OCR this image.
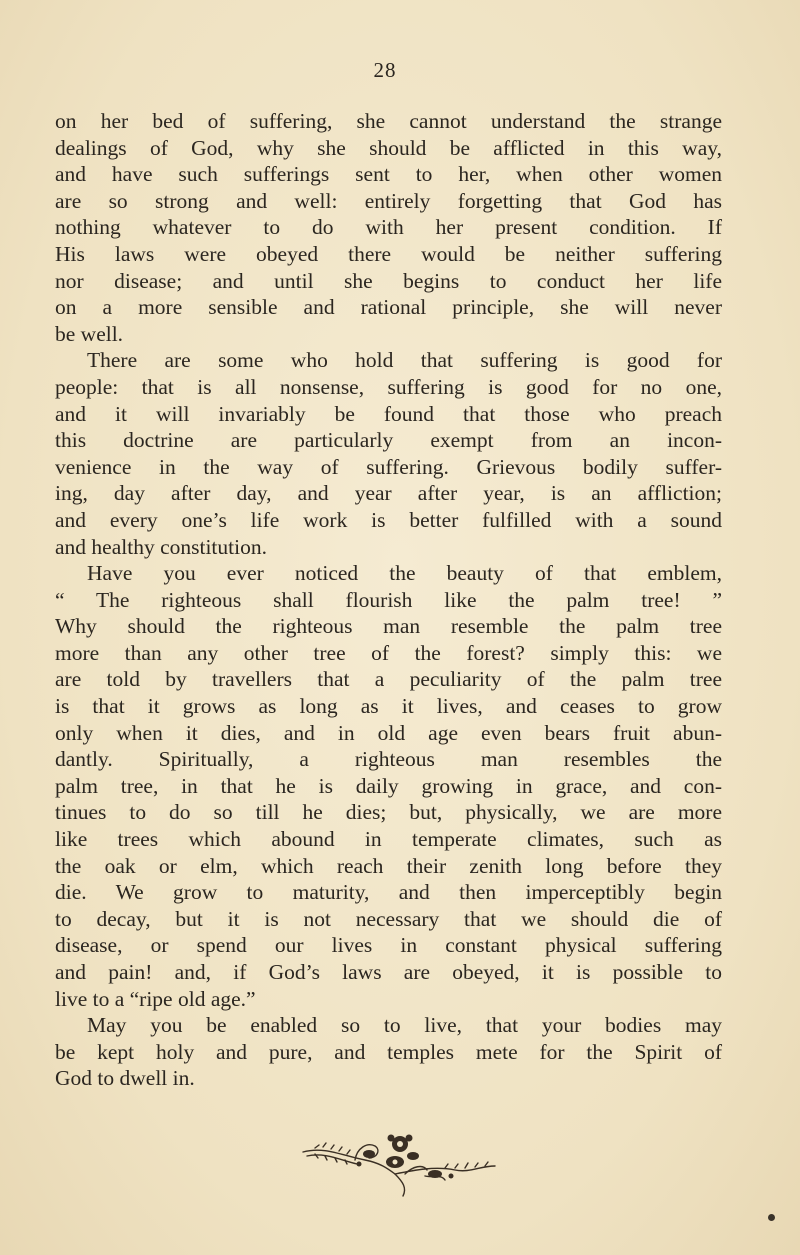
28
on her bed of suffering, she cannot understand the strange
dealings of God, why she should be afflicted in this way,
and have such sufferings sent to her, when other women
are so strong and well: entirely forgetting that God has
nothing whatever to do with her present condition. If
His laws were obeyed there would be neither suffering
nor disease; and until she begins to conduct her life
on a more sensible and rational principle, she will never
be well.
There are some who hold that suffering is good for
people: that is all nonsense, suffering is good for no one,
and it will invariably be found that those who preach
this doctrine are particularly exempt from an incon-
venience in the way of suffering. Grievous bodily suffer-
ing, day after day, and year after year, is an affliction;
and every one’s life work is better fulfilled with a sound
and healthy constitution.
Have you ever noticed the beauty of that emblem,
“ The righteous shall flourish like the palm tree! ”
Why should the righteous man resemble the palm tree
more than any other tree of the forest? simply this: we
are told by travellers that a peculiarity of the palm tree
is that it grows as long as it lives, and ceases to grow
only when it dies, and in old age even bears fruit abun-
dantly. Spiritually, a righteous man resembles the
palm tree, in that he is daily growing in grace, and con-
tinues to do so till he dies; but, physically, we are more
like trees which abound in temperate climates, such as
the oak or elm, which reach their zenith long before they
die. We grow to maturity, and then imperceptibly begin
to decay, but it is not necessary that we should die of
disease, or spend our lives in constant physical suffering
and pain! and, if God’s laws are obeyed, it is possible to
live to a “ripe old age.”
May you be enabled so to live, that your bodies may
be kept holy and pure, and temples mete for the Spirit of
God to dwell in.
